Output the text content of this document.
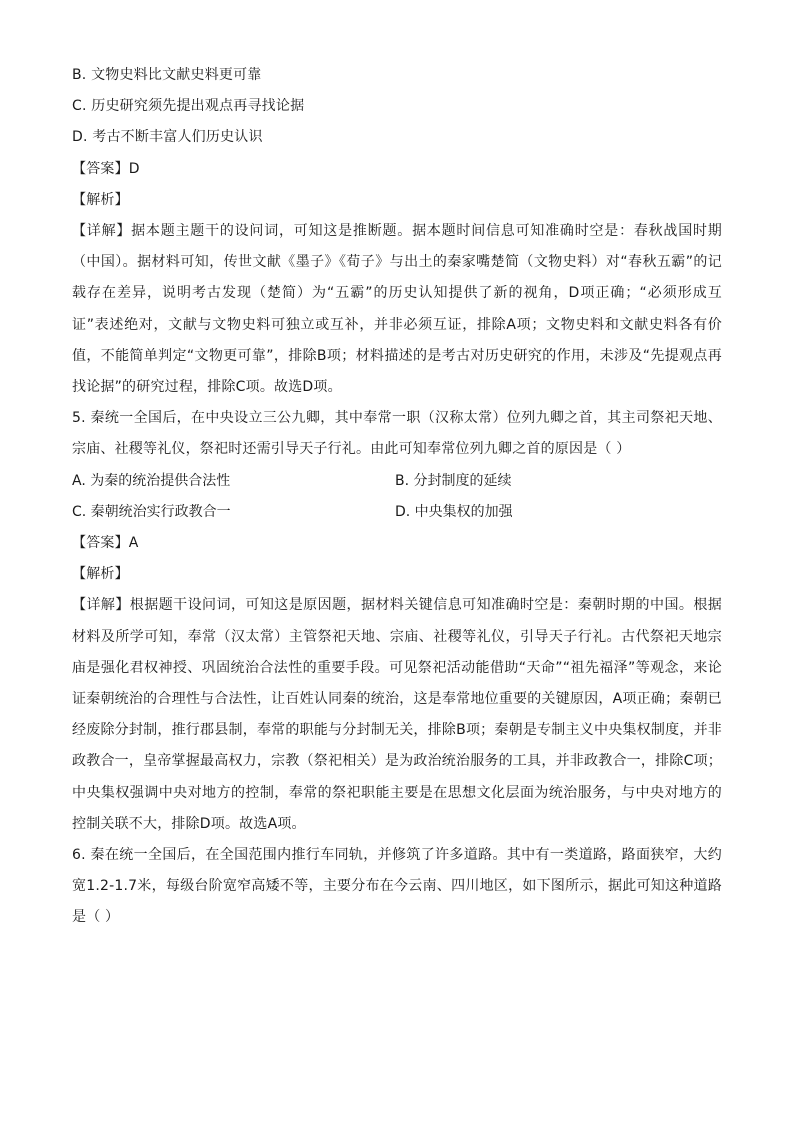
B. 文物史料比文献史料更可靠
C. 历史研究须先提出观点再寻找论据
D. 考古不断丰富人们历史认识
【答案】D
【解析】
【详解】据本题主题干的设问词，可知这是推断题。据本题时间信息可知准确时空是：春秋战国时期（中国）。据材料可知，传世文献《墨子》《荀子》与出土的秦家嘴楚简（文物史料）对“春秋五霸”的记载存在差异，说明考古发现（楚简）为“五霸”的历史认知提供了新的视角，D项正确；“必须形成互证”表述绝对，文献与文物史料可独立或互补，并非必须互证，排除A项；文物史料和文献史料各有价值，不能简单判定“文物更可靠”，排除B项；材料描述的是考古对历史研究的作用，未涉及“先提观点再找论据”的研究过程，排除C项。故选D项。
5. 秦统一全国后，在中央设立三公九卿，其中奉常一职（汉称太常）位列九卿之首，其主司祭祀天地、宗庙、社稷等礼仪，祭祀时还需引导天子行礼。由此可知奉常位列九卿之首的原因是（ ）
A. 为秦的统治提供合法性	B. 分封制度的延续
C. 秦朝统治实行政教合一	D. 中央集权的加强
【答案】A
【解析】
【详解】根据题干设问词，可知这是原因题，据材料关键信息可知准确时空是：秦朝时期的中国。根据材料及所学可知，奉常（汉太常）主管祭祀天地、宗庙、社稷等礼仪，引导天子行礼。古代祭祀天地宗庙是强化君权神授、巩固统治合法性的重要手段。可见祭祀活动能借助“天命”“祖先福泽”等观念，来论证秦朝统治的合理性与合法性，让百姓认同秦的统治，这是奉常地位重要的关键原因，A项正确；秦朝已经废除分封制，推行郡县制，奉常的职能与分封制无关，排除B项；秦朝是专制主义中央集权制度，并非政教合一，皇帝掌握最高权力，宗教（祭祀相关）是为政治统治服务的工具，并非政教合一，排除C项；中央集权强调中央对地方的控制，奉常的祭祀职能主要是在思想文化层面为统治服务，与中央对地方的控制关联不大，排除D项。故选A项。
6. 秦在统一全国后，在全国范围内推行车同轨，并修筑了许多道路。其中有一类道路，路面狭窄，大约宽1.2-1.7米，每级台阶宽窄高矮不等，主要分布在今云南、四川地区，如下图所示，据此可知这种道路是（ ）
